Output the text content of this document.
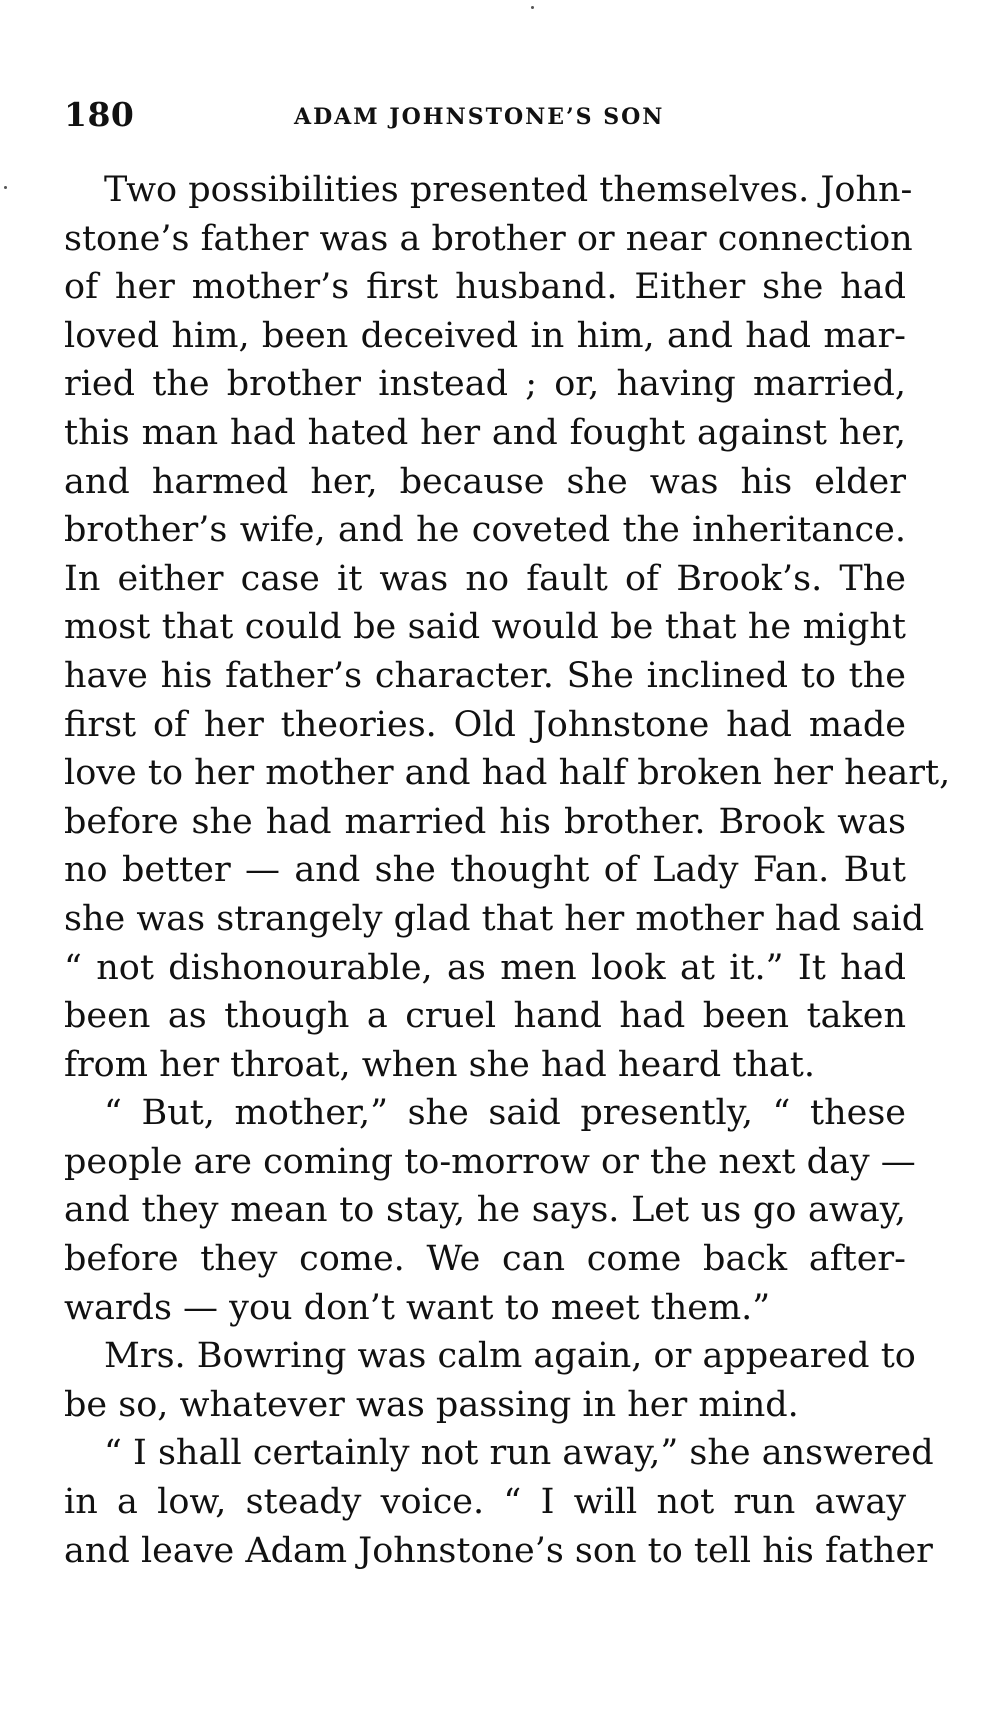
180	ADAM JOHNSTONE’S SON
Two possibilities presented themselves. John-
stone’s father was a brother or near connection
of her mother’s first husband. Either she had
loved him, been deceived in him, and had mar-
ried the brother instead ; or, having married,
this man had hated her and fought against her,
and harmed her, because she was his elder
brother’s wife, and he coveted the inheritance.
In either case it was no fault of Brook’s. The
most that could be said would be that he might
have his father’s character. She inclined to the
first of her theories. Old Johnstone had made
love to her mother and had half broken her heart,
before she had married his brother. Brook was
no better — and she thought of Lady Fan. But
she was strangely glad that her mother had said
“ not dishonourable, as men look at it.” It had
been as though a cruel hand had been taken
from her throat, when she had heard that.
“ But, mother,” she said presently, “ these
people are coming to-morrow or the next day —
and they mean to stay, he says. Let us go away,
before they come. We can come back after-
wards — you don’t want to meet them.”
Mrs. Bowring was calm again, or appeared to
be so, whatever was passing in her mind.
“ I shall certainly not run away,” she answered
in a low, steady voice. “ I will not run away
and leave Adam Johnstone’s son to tell his father
